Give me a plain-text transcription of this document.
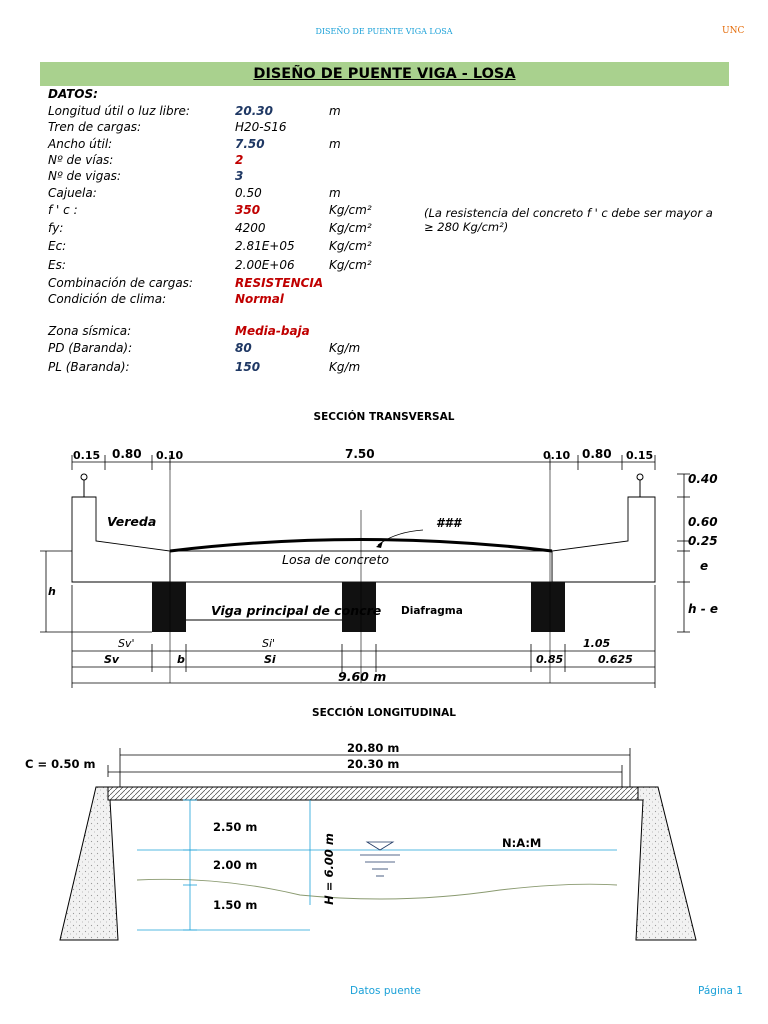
DISEÑO DE PUENTE VIGA LOSA	UNC
DISEÑO DE PUENTE VIGA - LOSA
DATOS:
Longitud útil o luz libre:	20.30	m
Tren de cargas:	H20-S16
Ancho útil:	7.50	m
Nº de vías:	2
Nº de vigas:	3
Cajuela:	0.50	m
f ' c :	350	Kg/cm²
fy:	4200	Kg/cm²
Ec:	2.81E+05	Kg/cm²
Es:	2.00E+06	Kg/cm²
Combinación de cargas:	RESISTENCIA
Condición de clima:	Normal
Zona sísmica:	Media-baja
PD (Baranda):	80	Kg/m
PL (Baranda):	150	Kg/m
(La resistencia del concreto f ' c debe ser mayor a ≥ 280 Kg/cm²)
SECCIÓN TRANSVERSAL
0.15 0.80 0.10	7.50	0.10 0.80 0.15
0.40
0.60
0.25
e
h - e
Vereda	###
Losa de concreto
Viga principal de concre	Diafragma
h
Sv'	Si'	1.05
Sv	b	Si	0.85	0.625
9.60 m
SECCIÓN LONGITUDINAL
C = 0.50 m
20.80 m
20.30 m
2.50 m
2.00 m
1.50 m
H = 6.00 m	N:A:M
Datos puente	Página 1
